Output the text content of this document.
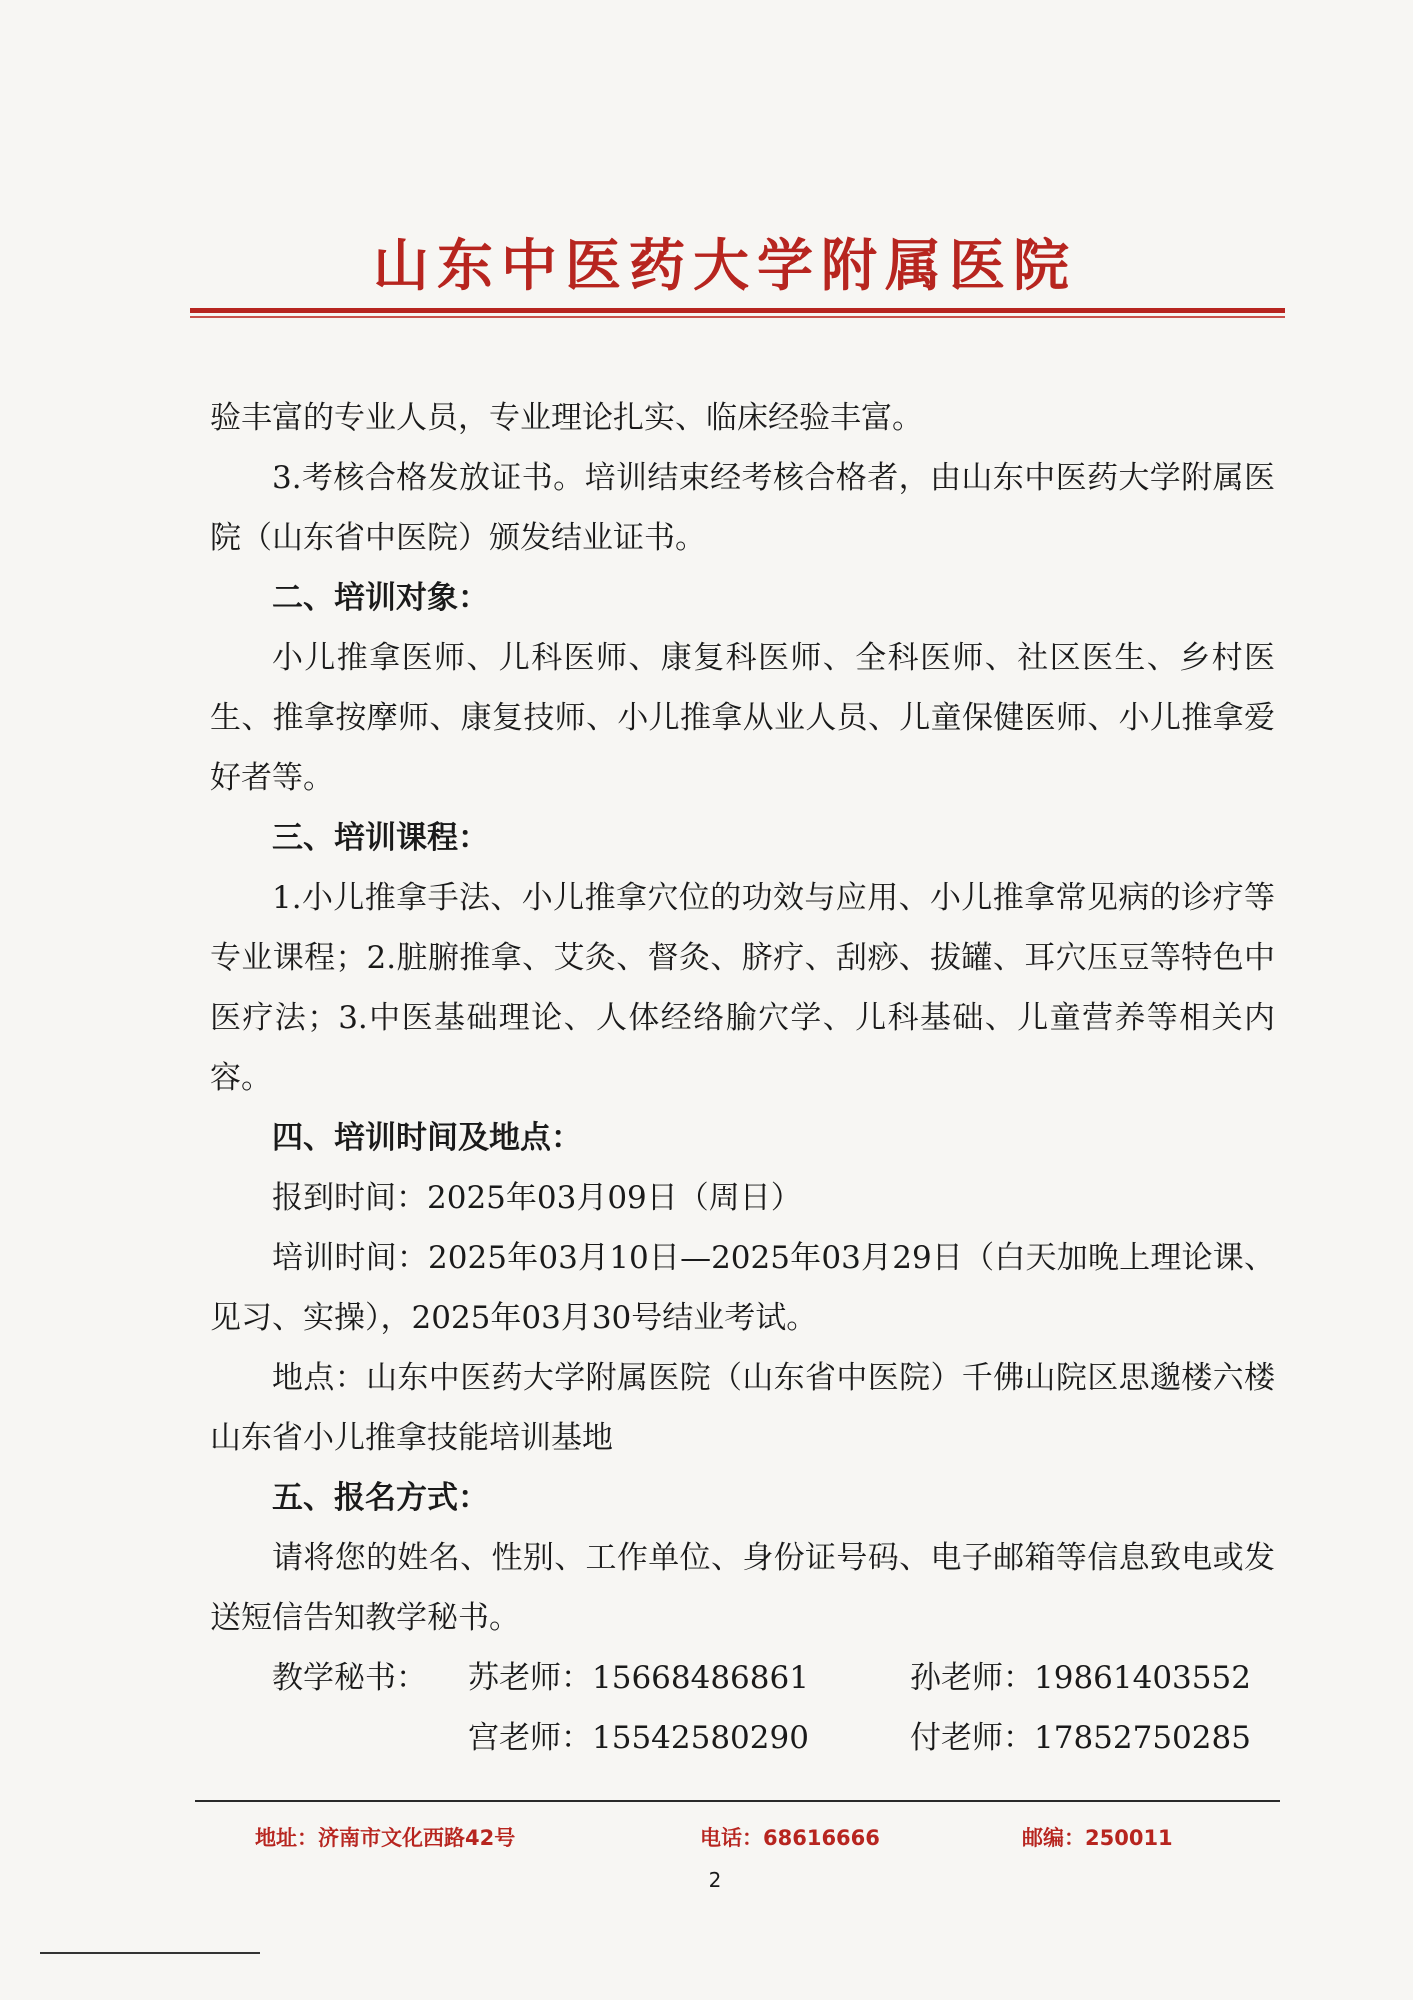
山东中医药大学附属医院

验丰富的专业人员，专业理论扎实、临床经验丰富。

3.考核合格发放证书。培训结束经考核合格者，由山东中医药大学附属医院（山东省中医院）颁发结业证书。

二、培训对象：

小儿推拿医师、儿科医师、康复科医师、全科医师、社区医生、乡村医生、推拿按摩师、康复技师、小儿推拿从业人员、儿童保健医师、小儿推拿爱好者等。

三、培训课程：

1.小儿推拿手法、小儿推拿穴位的功效与应用、小儿推拿常见病的诊疗等专业课程；2.脏腑推拿、艾灸、督灸、脐疗、刮痧、拔罐、耳穴压豆等特色中医疗法；3.中医基础理论、人体经络腧穴学、儿科基础、儿童营养等相关内容。

四、培训时间及地点：

报到时间：2025年03月09日（周日）

培训时间：2025年03月10日—2025年03月29日（白天加晚上理论课、见习、实操），2025年03月30号结业考试。

地点：山东中医药大学附属医院（山东省中医院）千佛山院区思邈楼六楼山东省小儿推拿技能培训基地

五、报名方式：

请将您的姓名、性别、工作单位、身份证号码、电子邮箱等信息致电或发送短信告知教学秘书。

教学秘书： 苏老师：15668486861	孙老师：19861403552
宫老师：15542580290	付老师：17852750285
地址：济南市文化西路42号	电话：68616666	邮编：250011
2
